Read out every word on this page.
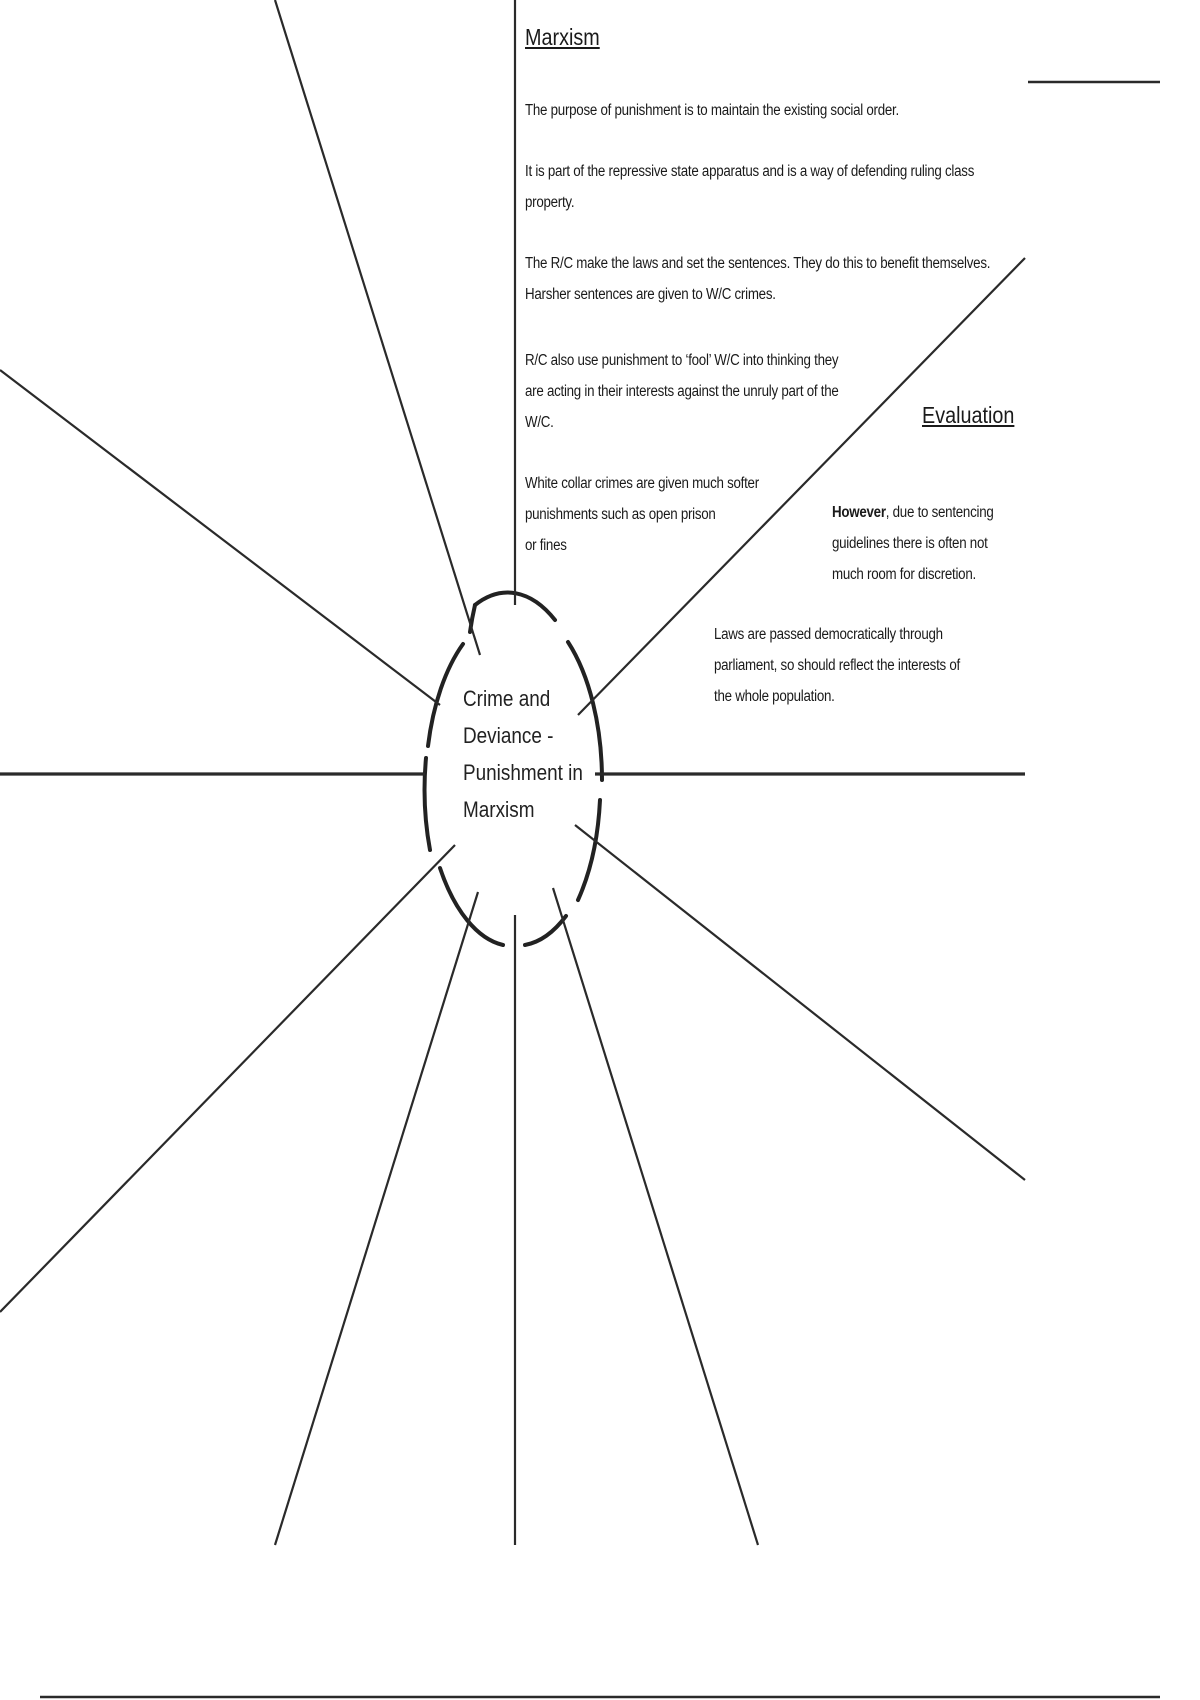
Crime and
Deviance -
Punishment in
Marxism
Marxism
The purpose of punishment is to maintain the existing social order.
It is part of the repressive state apparatus and is a way of defending ruling class
property.
The R/C make the laws and set the sentences. They do this to benefit themselves.
Harsher sentences are given to W/C crimes.
R/C also use punishment to ‘fool’ W/C into thinking they
are acting in their interests against the unruly part of the
W/C.
White collar crimes are given much softer
punishments such as open prison
or fines
Evaluation
However, due to sentencing
guidelines there is often not
much room for discretion.
Laws are passed democratically through
parliament, so should reflect the interests of
the whole population.
